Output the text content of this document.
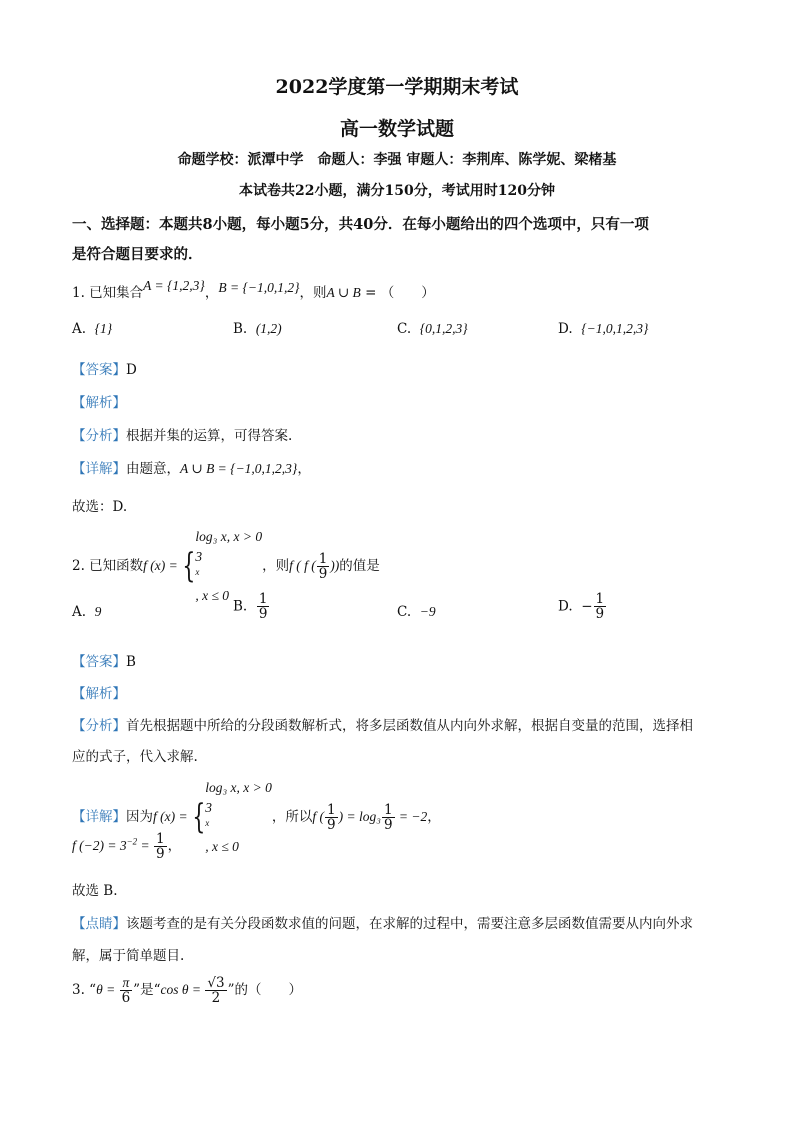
2022学度第一学期期末考试
高一数学试题
命题学校：派潭中学　命题人：李强 审题人：李荆库、陈学妮、梁楮基
本试卷共22小题，满分150分，考试用时120分钟
一、选择题：本题共8小题，每小题5分，共40分．在每小题给出的四个选项中，只有一项
是符合题目要求的．
1. 已知集合A = {1,2,3}，B = {−1,0,1,2}，则A ∪ B = （　　）
A. {1}	B. (1,2)	C. {0,1,2,3}	D. {−1,0,1,2,3}
【答案】D
【解析】
【分析】根据并集的运算，可得答案.
【详解】由题意，A ∪ B = {−1,0,1,2,3}，
故选：D.
2. 已知函数f (x) = {
log₃ x, x > 0
3
$^x$
, x ≤ 0
，则f ( f ( $\frac{1}{9}$ ))的值是
A. 9	B. $\frac{1}{9}$	C. −9	D. − $\frac{1}{9}$
【答案】B
【解析】
【分析】首先根据题中所给的分段函数解析式，将多层函数值从内向外求解，根据自变量的范围，选择相
应的式子，代入求解.
【详解】因为f (x) = {
log₃ x, x > 0
3
$^x$
, x ≤ 0
，所以f ( $\frac{1}{9}$ ) = $\log_3 \frac{1}{9} = -2$，
f $(-2) = 3^{-2} = \frac{1}{9}$ ，
故选 B.
【点睛】该题考查的是有关分段函数求值的问题，在求解的过程中，需要注意多层函数值需要从内向外求
解，属于简单题目.
3. “$\theta = \frac{\pi}{6}$ ”是“cos $\theta = \frac{√3}{2}$ ”的（　　）
